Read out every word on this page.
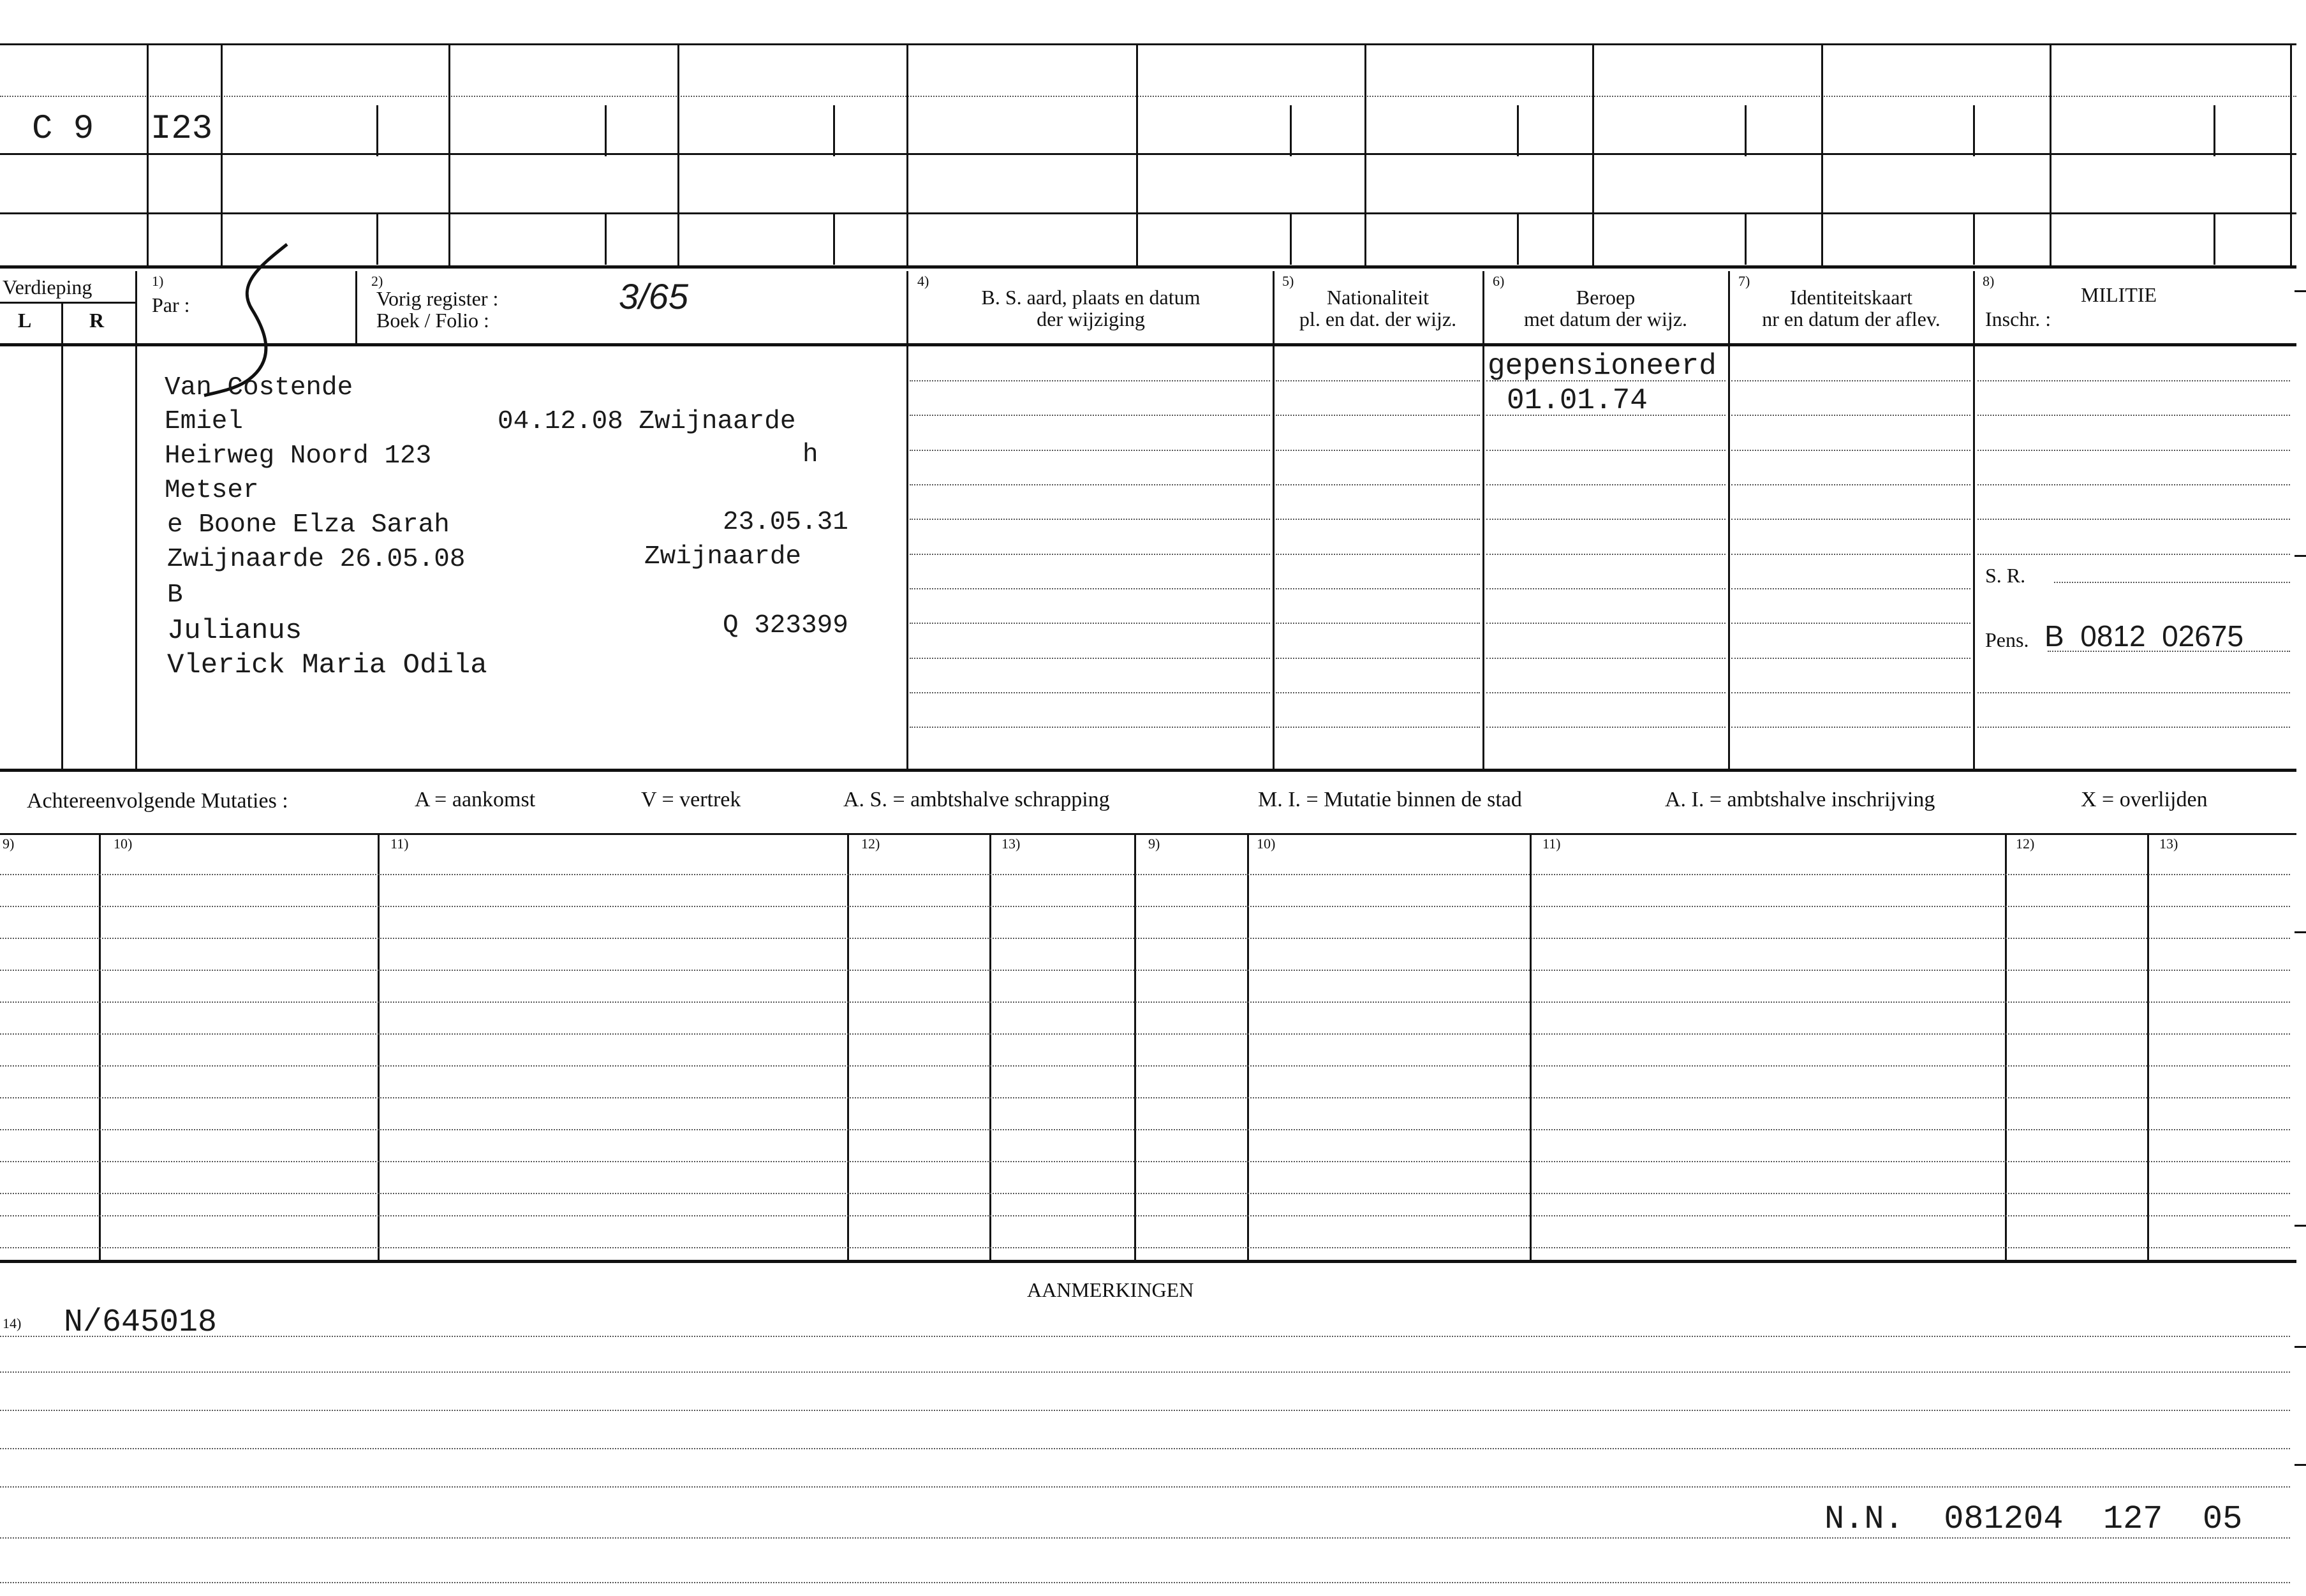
C 9 I23
Verdieping
L	R
1)
Par :
2)
Vorig register :
Boek / Folio :
3/65	4)
B. S. aard, plaats en datum
der wijziging
5)
Nationaliteit
pl. en dat. der wijz.
6)
Beroep
met datum der wijz.
7)
Identiteitskaart
nr en datum der aflev.
8)
MILITIE
Inschr. :
Van Costende
Emiel	04.12.08 Zwijnaarde
Heirweg Noord 123	h
Metser
e Boone Elza Sarah	23.05.31
Zwijnaarde 26.05.08	Zwijnaarde
B
Julianus	Q 323399
Vlerick Maria Odila
gepensioneerd
01.01.74
S. R.
Pens. B  0812  02675
Achtereenvolgende Mutaties :	A = aankomst	V = vertrek	A. S. = ambtshalve schrapping	M. I. = Mutatie binnen de stad	A. I. = ambtshalve inschrijving	X = overlijden
9)	10)	11)	12)	13)	9)	10)	11)	12)	13)
AANMERKINGEN
14) N/645018
N.N.  081204  127  05
